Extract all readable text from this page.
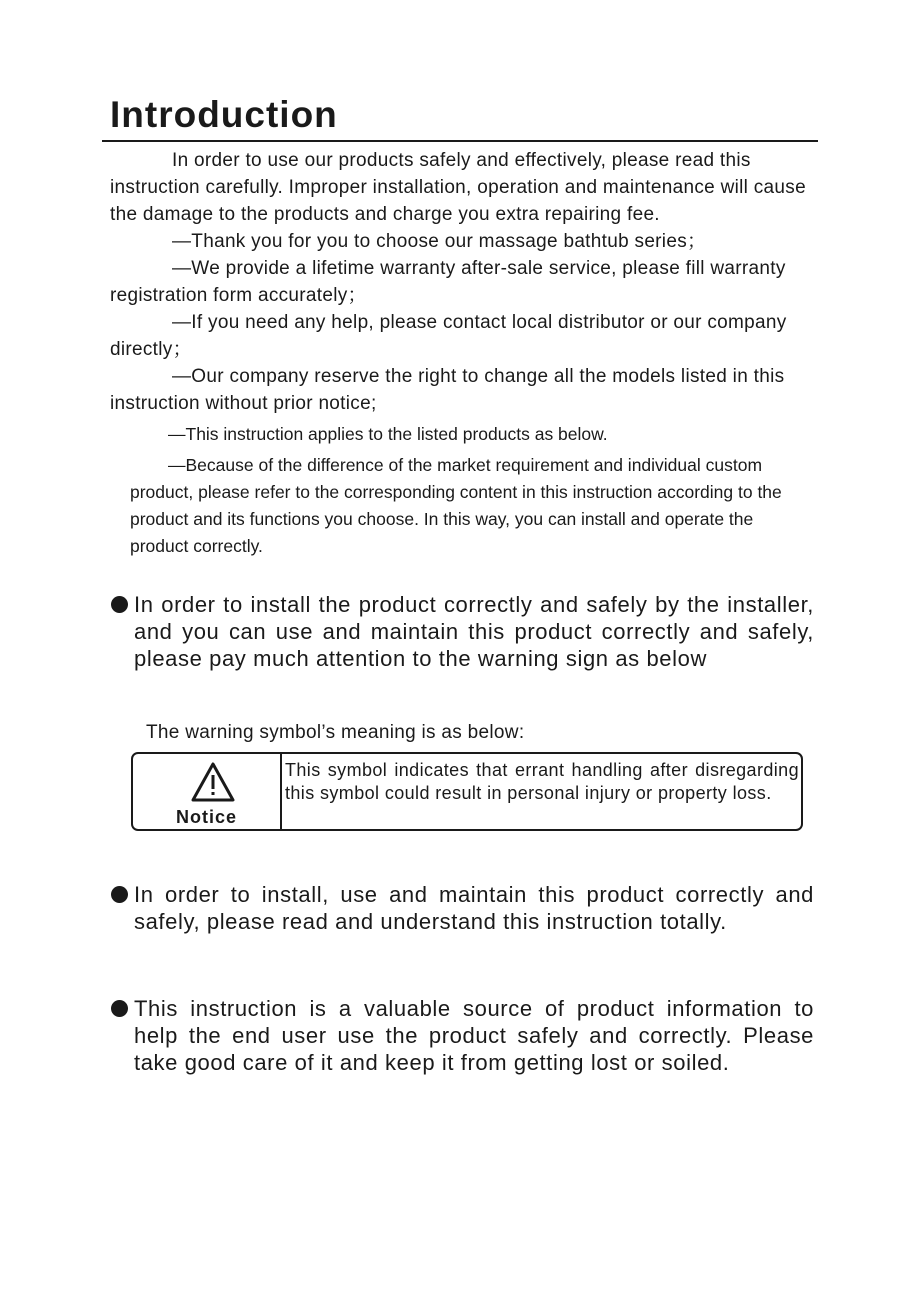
Introduction

In order to use our products safely and effectively, please read this instruction carefully. Improper installation, operation and maintenance will cause the damage to the products and charge you extra repairing fee.

—Thank you for you to choose our massage bathtub series；

—We provide a lifetime warranty after-sale service, please fill warranty registration form accurately；

—If you need any help, please contact local distributor or our company directly；

—Our company reserve the right to change all the models listed in this instruction without prior notice;

—This instruction applies to the listed products as below.

—Because of the difference of the market requirement and individual custom product, please refer to the corresponding content in this instruction according to the product and its functions you choose. In this way, you can install and operate the product correctly.

In order to install the product correctly and safely by the installer, and you can use and maintain this product correctly and safely, please pay much attention to the warning sign as below
The warning symbol’s meaning is as below:
Notice
This symbol indicates that errant handling after disregarding this symbol could result in personal injury or property loss.
In order to install, use and maintain this product correctly and safely, please read and understand this instruction totally.
This instruction is a valuable source of product information to help the end user use the product safely and correctly. Please take good care of it and keep it from getting lost or soiled.
